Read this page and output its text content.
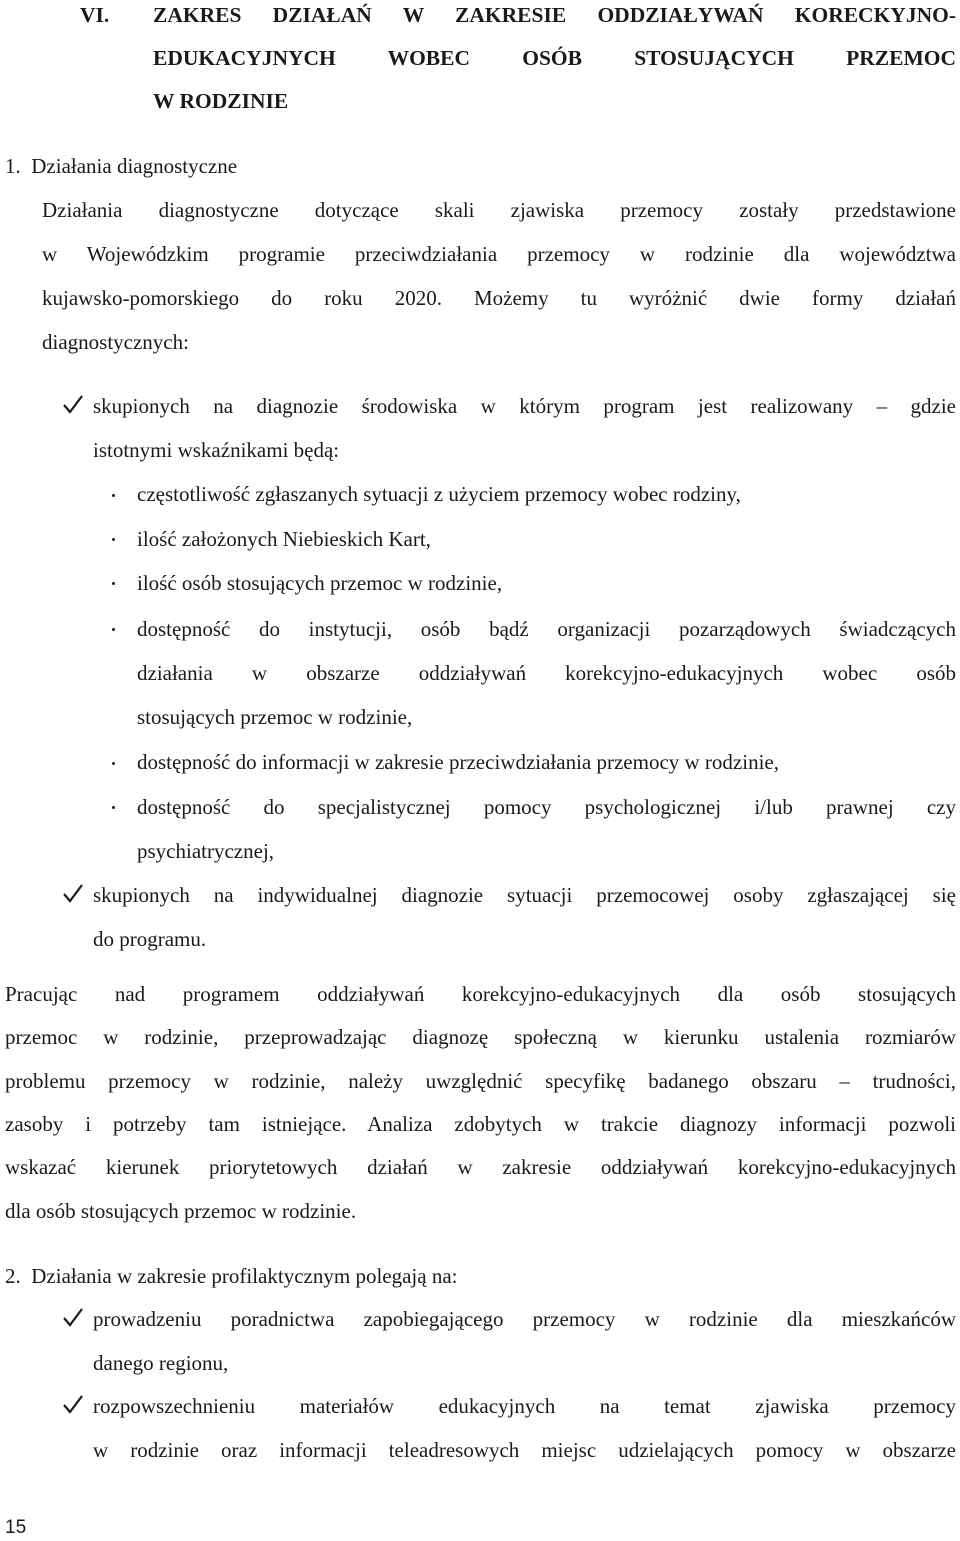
VI. ZAKRES DZIAŁAŃ W ZAKRESIE ODDZIAŁYWAŃ KORECKYJNO-
EDUKACYJNYCH WOBEC OSÓB STOSUJĄCYCH PRZEMOC
W RODZINIE
1.  Działania diagnostyczne
Działania diagnostyczne dotyczące skali zjawiska przemocy zostały przedstawione
w Wojewódzkim programie przeciwdziałania przemocy w rodzinie dla województwa
kujawsko-pomorskiego do roku 2020. Możemy tu wyróżnić dwie formy działań
diagnostycznych:
skupionych na diagnozie środowiska w którym program jest realizowany – gdzie
istotnymi wskaźnikami będą:
częstotliwość zgłaszanych sytuacji z użyciem przemocy wobec rodziny,
ilość założonych Niebieskich Kart,
ilość osób stosujących przemoc w rodzinie,
dostępność do instytucji, osób bądź organizacji pozarządowych świadczących
działania w obszarze oddziaływań korekcyjno-edukacyjnych wobec osób
stosujących przemoc w rodzinie,
dostępność do informacji w zakresie przeciwdziałania przemocy w rodzinie,
dostępność do specjalistycznej pomocy psychologicznej i/lub prawnej czy
psychiatrycznej,
skupionych na indywidualnej diagnozie sytuacji przemocowej osoby zgłaszającej się
do programu.
Pracując nad programem oddziaływań korekcyjno-edukacyjnych dla osób stosujących
przemoc w rodzinie, przeprowadzając diagnozę społeczną w kierunku ustalenia rozmiarów
problemu przemocy w rodzinie, należy uwzględnić specyfikę badanego obszaru – trudności,
zasoby i potrzeby tam istniejące. Analiza zdobytych w trakcie diagnozy informacji pozwoli
wskazać kierunek priorytetowych działań w zakresie oddziaływań korekcyjno-edukacyjnych
dla osób stosujących przemoc w rodzinie.
2.  Działania w zakresie profilaktycznym polegają na:
prowadzeniu poradnictwa zapobiegającego przemocy w rodzinie dla mieszkańców
danego regionu,
rozpowszechnieniu materiałów edukacyjnych na temat zjawiska przemocy
w rodzinie oraz informacji teleadresowych miejsc udzielających pomocy w obszarze
15
